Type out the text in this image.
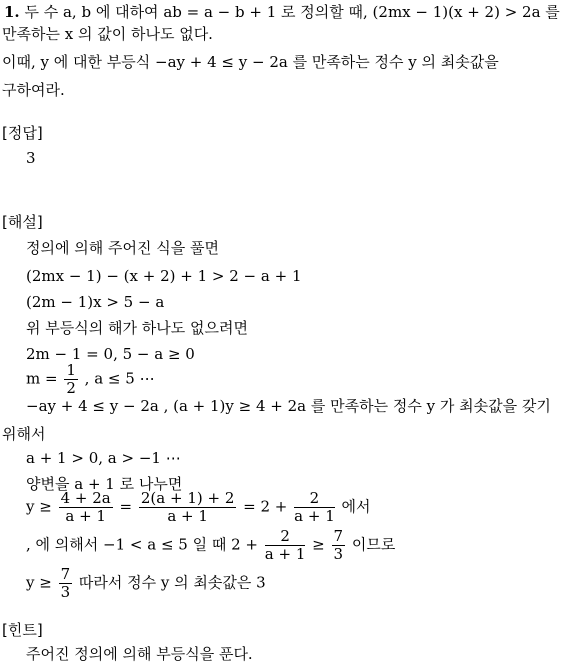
1. 두 수 a, b 에 대하여 ab = a − b + 1 로 정의할 때, (2mx − 1)(x + 2) > 2a 를
만족하는 x 의 값이 하나도 없다.
이때, y 에 대한 부등식 −ay + 4 ≤ y − 2a 를 만족하는 정수 y 의 최솟값을
구하여라.
[정답]
3
[해설]
정의에 의해 주어진 식을 풀면
(2mx − 1) − (x + 2) + 1 > 2 − a + 1
(2m − 1)x > 5 − a
위 부등식의 해가 하나도 없으려면
2m − 1 = 0, 5 − a ≥ 0
$m = \frac{1}{2}$ , a ≤ 5 ⋯
−ay + 4 ≤ y − 2a , (a + 1)y ≥ 4 + 2a 를 만족하는 정수 y 가 최솟값을 갖기
위해서
a + 1 > 0, a > −1 ⋯
양변을 a + 1 로 나누면
$y \ge \frac{4 + 2a}{a + 1} = \frac{2(a + 1) + 2}{a + 1} = 2 + \frac{2}{a + 1}$ 에서
, 에 의해서 −1 < a ≤ 5 일 때 $2 + \frac{2}{a + 1} \ge \frac{7}{3}$ 이므로
$y \ge \frac{7}{3}$ 따라서 정수 y 의 최솟값은 3
[힌트]
주어진 정의에 의해 부등식을 푼다.
